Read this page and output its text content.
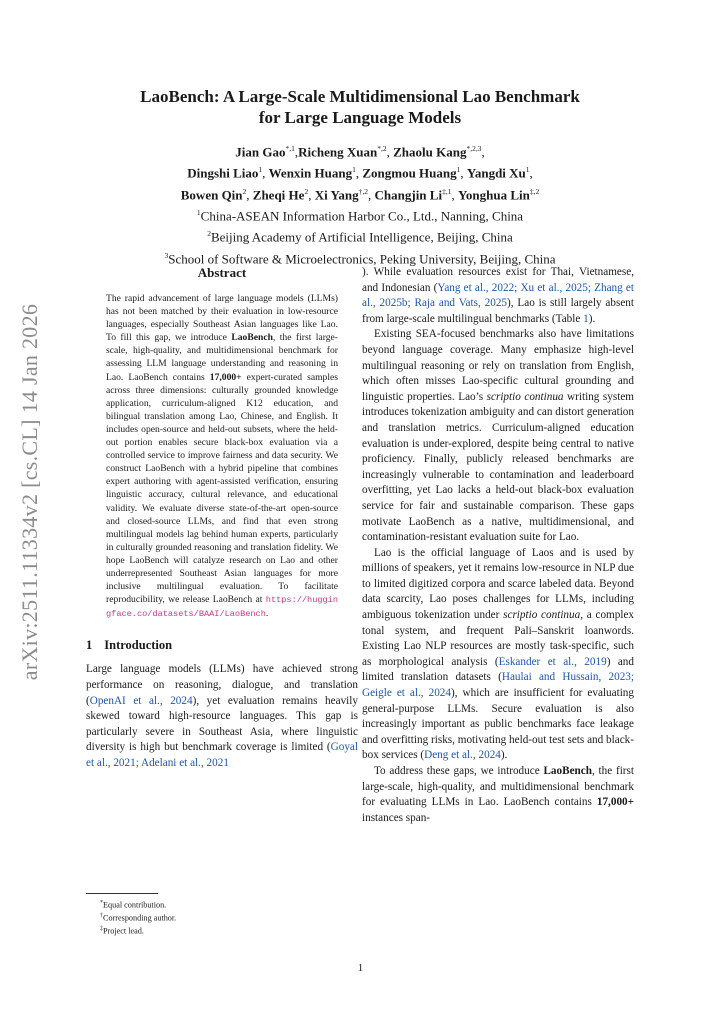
arXiv:2511.11334v2 [cs.CL] 14 Jan 2026
LaoBench: A Large-Scale Multidimensional Lao Benchmark
for Large Language Models
Jian Gao$^{*,1}$,Richeng Xuan$^{*,2}$, Zhaolu Kang$^{*,2,3}$,
Dingshi Liao$^1$, Wenxin Huang$^1$, Zongmou Huang$^1$, Yangdi Xu$^1$,
Bowen Qin$^2$, Zheqi He$^2$, Xi Yang$^{\dagger,2}$, Changjin $Li^{\ddagger,1}$, Yonghua Lin$^{\ddagger,2}$
$^1$China-ASEAN Information Harbor Co., Ltd., Nanning, China
$^2$Beijing Academy of Artificial Intelligence, Beijing, China
$^3$School of Software & Microelectronics, Peking University, Beijing, China
Abstract

The rapid advancement of large language models (LLMs) has not been matched by their evaluation in low-resource languages, especially Southeast Asian languages like Lao. To fill this gap, we introduce LaoBench, the first large-scale, high-quality, and multidimensional benchmark for assessing LLM language understanding and reasoning in Lao. LaoBench contains 17,000+ expert-curated samples across three dimensions: culturally grounded knowledge application, curriculum-aligned K12 education, and bilingual translation among Lao, Chinese, and English. It includes open-source and held-out subsets, where the held-out portion enables secure black-box evaluation via a controlled service to improve fairness and data security. We construct LaoBench with a hybrid pipeline that combines expert authoring with agent-assisted verification, ensuring linguistic accuracy, cultural relevance, and educational validity. We evaluate diverse state-of-the-art open-source and closed-source LLMs, and find that even strong multilingual models lag behind human experts, particularly in culturally grounded reasoning and translation fidelity. We hope LaoBench will catalyze research on Lao and other underrepresented Southeast Asian languages for more inclusive multilingual evaluation. To facilitate reproducibility, we release LaoBench at https://huggingface.co/datasets/BAAI/LaoBench.

1 Introduction

Large language models (LLMs) have achieved strong performance on reasoning, dialogue, and translation (OpenAI et al., 2024), yet evaluation remains heavily skewed toward high-resource languages. This gap is particularly severe in Southeast Asia, where linguistic diversity is high but benchmark coverage is limited (Goyal et al., 2021; Adelani et al., 2021

). While evaluation resources exist for Thai, Vietnamese, and Indonesian (Yang et al., 2022; Xu et al., 2025; Zhang et al., 2025b; Raja and Vats, 2025), Lao is still largely absent from large-scale multilingual benchmarks (Table 1).

Existing SEA-focused benchmarks also have limitations beyond language coverage. Many emphasize high-level multilingual reasoning or rely on translation from English, which often misses Lao-specific cultural grounding and linguistic properties. Lao’s scriptio continua writing system introduces tokenization ambiguity and can distort generation and translation metrics. Curriculum-aligned education evaluation is under-explored, despite being central to native proficiency. Finally, publicly released benchmarks are increasingly vulnerable to contamination and leaderboard overfitting, yet Lao lacks a held-out black-box evaluation service for fair and sustainable comparison. These gaps motivate LaoBench as a native, multidimensional, and contamination-resistant evaluation suite for Lao.

Lao is the official language of Laos and is used by millions of speakers, yet it remains low-resource in NLP due to limited digitized corpora and scarce labeled data. Beyond data scarcity, Lao poses challenges for LLMs, including ambiguous tokenization under scriptio continua, a complex tonal system, and frequent Pali–Sanskrit loanwords. Existing Lao NLP resources are mostly task-specific, such as morphological analysis (Eskander et al., 2019) and limited translation datasets (Haulai and Hussain, 2023; Geigle et al., 2024), which are insufficient for evaluating general-purpose LLMs. Secure evaluation is also increasingly important as public benchmarks face leakage and overfitting risks, motivating held-out test sets and black-box services (Deng et al., 2024).

To address these gaps, we introduce LaoBench, the first large-scale, high-quality, and multidimensional benchmark for evaluating LLMs in Lao. LaoBench contains 17,000+ instances span-

*Equal contribution.
†Corresponding author.
‡Project lead.
1
